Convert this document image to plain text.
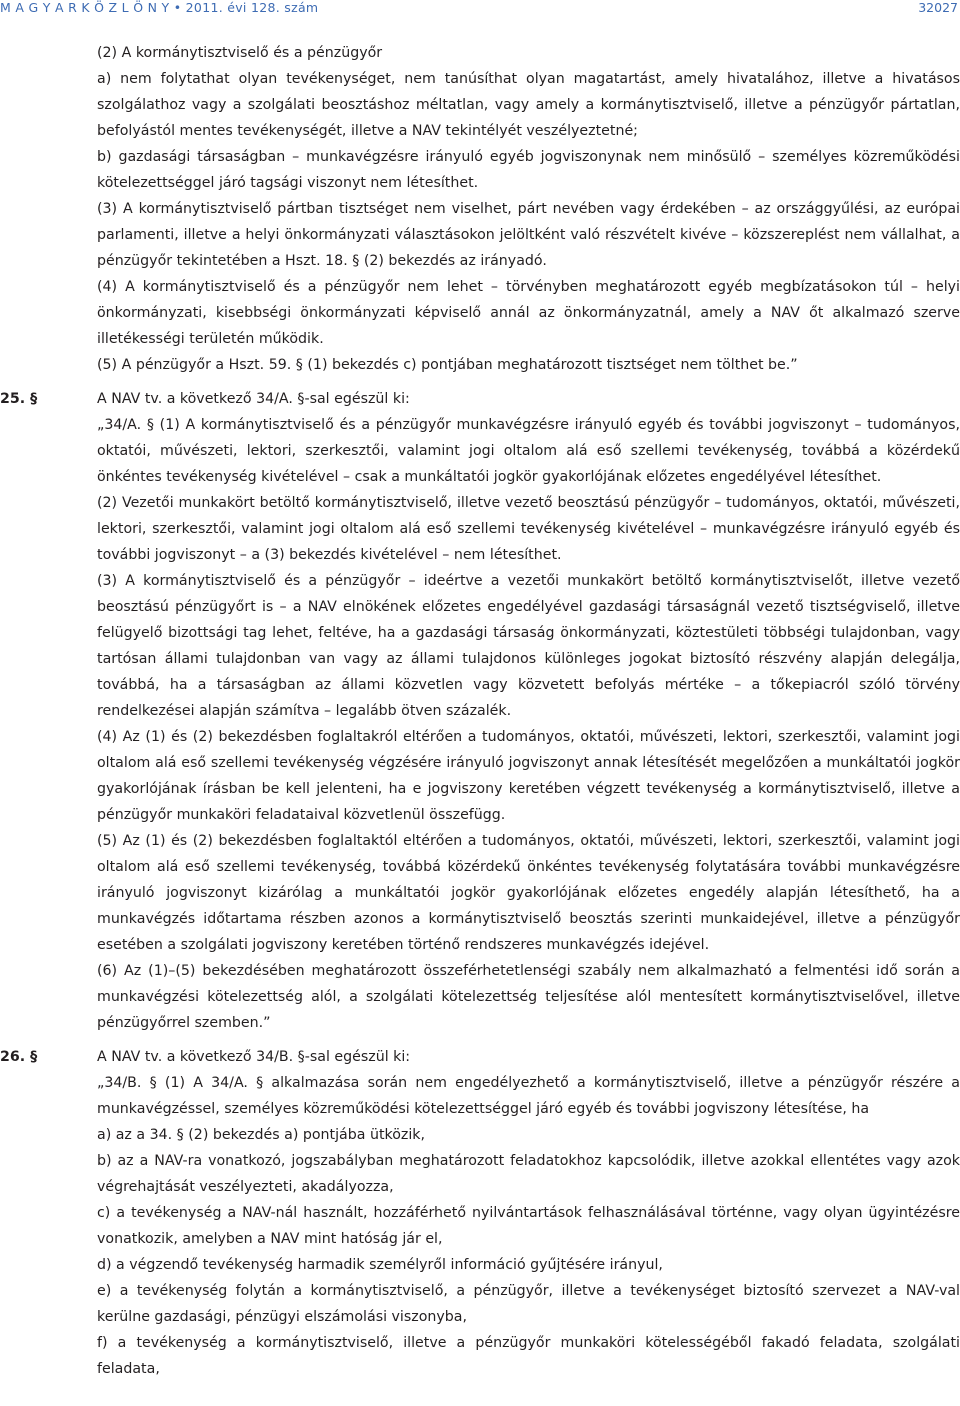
M A G Y A R K Ö Z L Ö N Y • 2011. évi 128. szám	32027

(2) A kormánytisztviselő és a pénzügyőr

a) nem folytathat olyan tevékenységet, nem tanúsíthat olyan magatartást, amely hivatalához, illetve a hivatásos szolgálathoz vagy a szolgálati beosztáshoz méltatlan, vagy amely a kormánytisztviselő, illetve a pénzügyőr pártatlan, befolyástól mentes tevékenységét, illetve a NAV tekintélyét veszélyeztetné;

b) gazdasági társaságban – munkavégzésre irányuló egyéb jogviszonynak nem minősülő – személyes közreműködési kötelezettséggel járó tagsági viszonyt nem létesíthet.

(3) A kormánytisztviselő pártban tisztséget nem viselhet, párt nevében vagy érdekében – az országgyűlési, az európai parlamenti, illetve a helyi önkormányzati választásokon jelöltként való részvételt kivéve – közszereplést nem vállalhat, a pénzügyőr tekintetében a Hszt. 18. § (2) bekezdés az irányadó.

(4) A kormánytisztviselő és a pénzügyőr nem lehet – törvényben meghatározott egyéb megbízatásokon túl – helyi önkormányzati, kisebbségi önkormányzati képviselő annál az önkormányzatnál, amely a NAV őt alkalmazó szerve illetékességi területén működik.

(5) A pénzügyőr a Hszt. 59. § (1) bekezdés c) pontjában meghatározott tisztséget nem tölthet be.”

25. §	A NAV tv. a következő 34/A. §-sal egészül ki:

„34/A. § (1) A kormánytisztviselő és a pénzügyőr munkavégzésre irányuló egyéb és további jogviszonyt – tudományos, oktatói, művészeti, lektori, szerkesztői, valamint jogi oltalom alá eső szellemi tevékenység, továbbá a közérdekű önkéntes tevékenység kivételével – csak a munkáltatói jogkör gyakorlójának előzetes engedélyével létesíthet.

(2) Vezetői munkakört betöltő kormánytisztviselő, illetve vezető beosztású pénzügyőr – tudományos, oktatói, művészeti, lektori, szerkesztői, valamint jogi oltalom alá eső szellemi tevékenység kivételével – munkavégzésre irányuló egyéb és további jogviszonyt – a (3) bekezdés kivételével – nem létesíthet.

(3) A kormánytisztviselő és a pénzügyőr – ideértve a vezetői munkakört betöltő kormánytisztviselőt, illetve vezető beosztású pénzügyőrt is – a NAV elnökének előzetes engedélyével gazdasági társaságnál vezető tisztségviselő, illetve felügyelő bizottsági tag lehet, feltéve, ha a gazdasági társaság önkormányzati, köztestületi többségi tulajdonban, vagy tartósan állami tulajdonban van vagy az állami tulajdonos különleges jogokat biztosító részvény alapján delegálja, továbbá, ha a társaságban az állami közvetlen vagy közvetett befolyás mértéke – a tőkepiacról szóló törvény rendelkezései alapján számítva – legalább ötven százalék.

(4) Az (1) és (2) bekezdésben foglaltakról eltérően a tudományos, oktatói, művészeti, lektori, szerkesztői, valamint jogi oltalom alá eső szellemi tevékenység végzésére irányuló jogviszonyt annak létesítését megelőzően a munkáltatói jogkör gyakorlójának írásban be kell jelenteni, ha e jogviszony keretében végzett tevékenység a kormánytisztviselő, illetve a pénzügyőr munkaköri feladataival közvetlenül összefügg.

(5) Az (1) és (2) bekezdésben foglaltaktól eltérően a tudományos, oktatói, művészeti, lektori, szerkesztői, valamint jogi oltalom alá eső szellemi tevékenység, továbbá közérdekű önkéntes tevékenység folytatására további munkavégzésre irányuló jogviszonyt kizárólag a munkáltatói jogkör gyakorlójának előzetes engedély alapján létesíthető, ha a munkavégzés időtartama részben azonos a kormánytisztviselő beosztás szerinti munkaidejével, illetve a pénzügyőr esetében a szolgálati jogviszony keretében történő rendszeres munkavégzés idejével.

(6) Az (1)–(5) bekezdésében meghatározott összeférhetetlenségi szabály nem alkalmazható a felmentési idő során a munkavégzési kötelezettség alól, a szolgálati kötelezettség teljesítése alól mentesített kormánytisztviselővel, illetve pénzügyőrrel szemben.”

26. §	A NAV tv. a következő 34/B. §-sal egészül ki:

„34/B. § (1) A 34/A. § alkalmazása során nem engedélyezhető a kormánytisztviselő, illetve a pénzügyőr részére a munkavégzéssel, személyes közreműködési kötelezettséggel járó egyéb és további jogviszony létesítése, ha

a) az a 34. § (2) bekezdés a) pontjába ütközik,

b) az a NAV-ra vonatkozó, jogszabályban meghatározott feladatokhoz kapcsolódik, illetve azokkal ellentétes vagy azok végrehajtását veszélyezteti, akadályozza,

c) a tevékenység a NAV-nál használt, hozzáférhető nyilvántartások felhasználásával történne, vagy olyan ügyintézésre vonatkozik, amelyben a NAV mint hatóság jár el,

d) a végzendő tevékenység harmadik személyről információ gyűjtésére irányul,

e) a tevékenység folytán a kormánytisztviselő, a pénzügyőr, illetve a tevékenységet biztosító szervezet a NAV-val kerülne gazdasági, pénzügyi elszámolási viszonyba,

f) a tevékenység a kormánytisztviselő, illetve a pénzügyőr munkaköri kötelességéből fakadó feladata, szolgálati feladata,
